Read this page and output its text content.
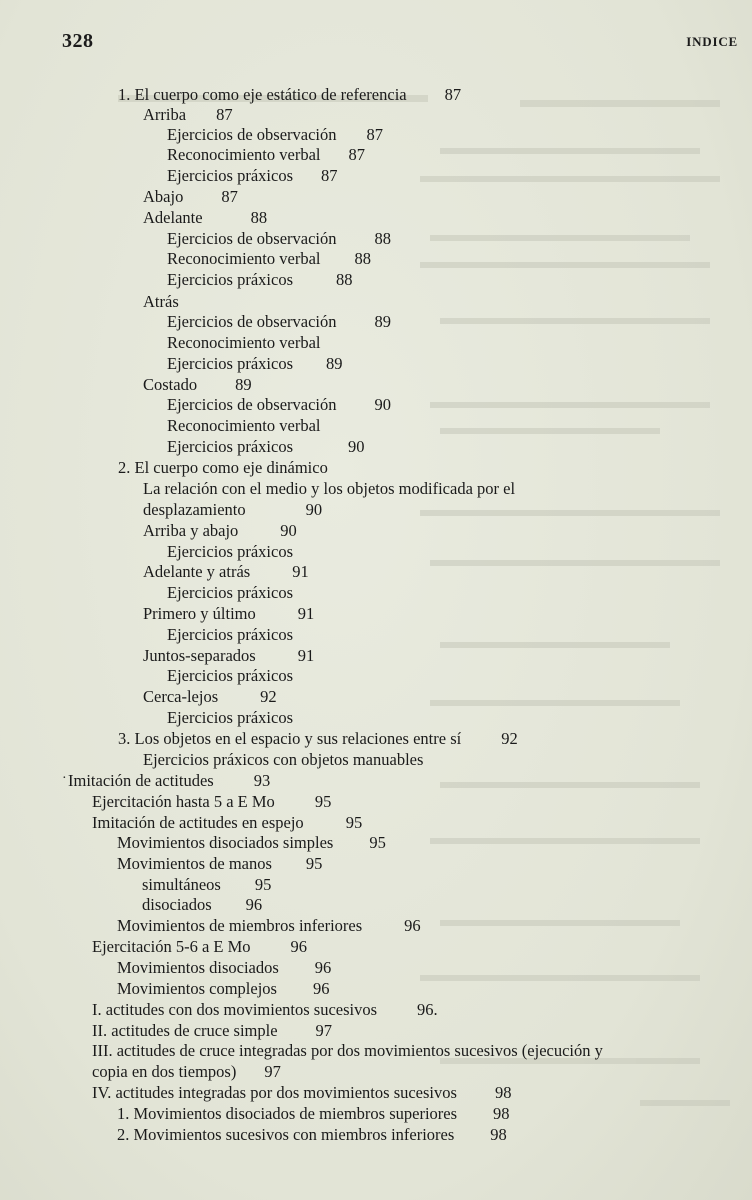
328	INDICE
·
1. El cuerpo como eje estático de referencia 87
Arriba 87
Ejercicios de observación 87
Reconocimiento verbal 87
Ejercicios práxicos 87
Abajo 87
Adelante	88
Ejercicios de observación 88
Reconocimiento verbal 88
Ejercicios práxicos	88
Atrás
Ejercicios de observación 89
Reconocimiento verbal
Ejercicios práxicos 89
Costado 89
Ejercicios de observación 90
Reconocimiento verbal
Ejercicios práxicos	90
2. El cuerpo como eje dinámico
La relación con el medio y los objetos modificada por el
desplazamiento	90
Arriba y abajo	90
Ejercicios práxicos
Adelante y atrás	91
Ejercicios práxicos
Primero y último	91
Ejercicios práxicos
Juntos-separados	91
Ejercicios práxicos
Cerca-lejos	92
Ejercicios práxicos
3. Los objetos en el espacio y sus relaciones entre sí 92
Ejercicios práxicos con objetos manuables
Imitación de actitudes 93
Ejercitación hasta 5 a E Mo 95
Imitación de actitudes en espejo	95
Movimientos disociados simples 95
Movimientos de manos 95
simultáneos 95
disociados 96
Movimientos de miembros inferiores	96
Ejercitación 5-6 a E Mo 96
Movimientos disociados 96
Movimientos complejos 96
I. actitudes con dos movimientos sucesivos 96.
II. actitudes de cruce simple 97
III. actitudes de cruce integradas por dos movimientos sucesivos (ejecución y
copia en dos tiempos) 97
IV. actitudes integradas por dos movimientos sucesivos 98
1. Movimientos disociados de miembros superiores 98
2. Movimientos sucesivos con miembros inferiores 98
